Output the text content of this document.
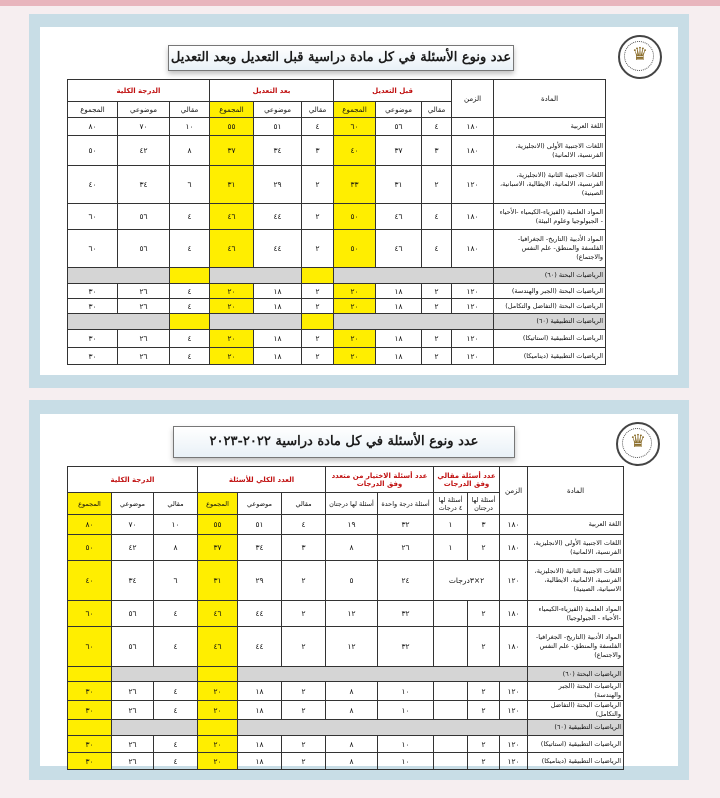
♛
عدد ونوع الأسئلة في كل مادة دراسية قبل التعديل وبعد التعديل
المادة	الزمن	قبل التعديل			بعد التعديل			الدرجة الكلية		
		مقالي	موضوعي	المجموع	مقالي	موضوعي	المجموع	مقالي	موضوعي	المجموع
اللغة العربية	١٨٠	٤	٥٦	٦٠	٤	٥١	٥٥	١٠	٧٠	٨٠
اللغات الاجنبية الأولى (الانجليزية، الفرنسية، الالمانية)	١٨٠	٣	٣٧	٤٠	٣	٣٤	٣٧	٨	٤٢	٥٠
اللغات الاجنبية الثانية (الانجليزية، الفرنسية، الالمانية، الايطالية، الاسبانية، الصينية)	١٢٠	٢	٣١	٣٣	٢	٢٩	٣١	٦	٣٤	٤٠
المواد العلمية (الفيزياء-الكيمياء -الأحياء - الجيولوجيا وعلوم البيئة)	١٨٠	٤	٤٦	٥٠	٢	٤٤	٤٦	٤	٥٦	٦٠
المواد الأدبية (التاريخ- الجغرافيا- الفلسفة والمنطق- علم النفس والاجتماع)	١٨٠	٤	٤٦	٥٠	٢	٤٤	٤٦	٤	٥٦	٦٠
الرياضيات البحتة (٦٠)										
الرياضيات البحتة (الجبر والهندسة)	١٢٠	٢	١٨	٢٠	٢	١٨	٢٠	٤	٢٦	٣٠
الرياضيات البحتة (التفاضل والتكامل)	١٢٠	٢	١٨	٢٠	٢	١٨	٢٠	٤	٢٦	٣٠
الرياضيات التطبيقية (٦٠)										
الرياضيات التطبيقية (استاتيكا)	١٢٠	٢	١٨	٢٠	٢	١٨	٢٠	٤	٢٦	٣٠
الرياضيات التطبيقية (ديناميكا)	١٢٠	٢	١٨	٢٠	٢	١٨	٢٠	٤	٢٦	٣٠
♛
عدد ونوع الأسئلة في كل مادة دراسية ٢٠٢٢-٢٠٢٣
المادة	الزمن	عدد أسئلة مقالي وفق الدرجات		عدد أسئلة الاختيار من متعدد وفق الدرجات		العدد الكلي للأسئلة			الدرجة الكلية		
		أسئلة لها درجتان	أسئلة لها ٤ درجات	أسئلة درجة واحدة	أسئلة لها درجتان	مقالي	موضوعي	المجموع	مقالي	موضوعي	المجموع
اللغة العربية	١٨٠	٣	١	٣٢	١٩	٤	٥١	٥٥	١٠	٧٠	٨٠
اللغات الاجنبية الأولى (الانجليزية، الفرنسية، الالمانية)	١٨٠	٢	١	٢٦	٨	٣	٣٤	٣٧	٨	٤٢	٥٠
اللغات الاجنبية الثانية (الانجليزية، الفرنسية، الالمانية، الايطالية، الاسبانية، الصينية)	١٢٠	٢×٣درجات		٢٤	٥	٢	٢٩	٣١	٦	٣٤	٤٠
المواد العلمية (الفيزياء-الكيمياء -الأحياء - الجيولوجيا)	١٨٠	٢		٣٢	١٢	٢	٤٤	٤٦	٤	٥٦	٦٠
المواد الأدبية (التاريخ- الجغرافيا- الفلسفة والمنطق- علم النفس والاجتماع)	١٨٠	٢		٣٢	١٢	٢	٤٤	٤٦	٤	٥٦	٦٠
الرياضيات البحتة (٦٠)											
الرياضيات البحتة (الجبر والهندسة)	١٢٠	٢		١٠	٨	٢	١٨	٢٠	٤	٢٦	٣٠
الرياضيات البحتة (التفاضل والتكامل)	١٢٠	٢		١٠	٨	٢	١٨	٢٠	٤	٢٦	٣٠
الرياضيات التطبيقية (٦٠)											
الرياضيات التطبيقية (استاتيكا)	١٢٠	٢		١٠	٨	٢	١٨	٢٠	٤	٢٦	٣٠
الرياضيات التطبيقية (ديناميكا)	١٢٠	٢		١٠	٨	٢	١٨	٢٠	٤	٢٦	٣٠
